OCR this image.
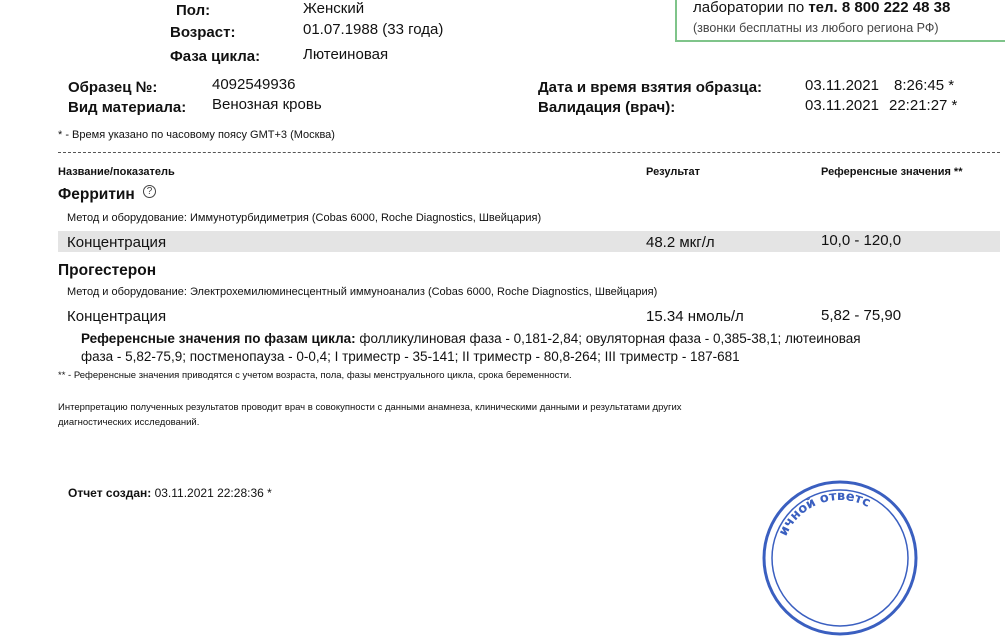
Пол:	Женский
Возраст:	01.07.1988 (33 года)
Фаза цикла:	Лютеиновая
лаборатории по тел. 8 800 222 48 38
(звонки бесплатны из любого региона РФ)
Образец №:	4092549936
Вид материала: Венозная кровь
Дата и время взятия образца:	03.11.2021 8:26:45 *
Валидация (врач):	03.11.2021 22:21:27 *
* - Время указано по часовому поясу GMT+3 (Москва)
Название/показатель	Результат	Референсные значения **
Ферритин	?
Метод и оборудование: Иммунотурбидиметрия (Cobas 6000, Roche Diagnostics, Швейцария)
Концентрация	48.2 мкг/л	10,0 - 120,0
Прогестерон
Метод и оборудование: Электрохемилюминесцентный иммуноанализ (Cobas 6000, Roche Diagnostics, Швейцария)
Концентрация	15.34 нмоль/л	5,82 - 75,90
Референсные значения по фазам цикла: фолликулиновая фаза - 0,181-2,84; овуляторная фаза - 0,385-38,1; лютеиновая
фаза - 5,82-75,9; постменопауза - 0-0,4; I триместр - 35-141; II триместр - 80,8-264; III триместр - 187-681
** - Референсные значения приводятся с учетом возраста, пола, фазы менструального цикла, срока беременности.
Интерпретацию полученных результатов проводит врач в совокупности с данными анамнеза, клиническими данными и результатами других
диагностических исследований.
Отчет создан: 03.11.2021 22:28:36 *
ичной ответс
